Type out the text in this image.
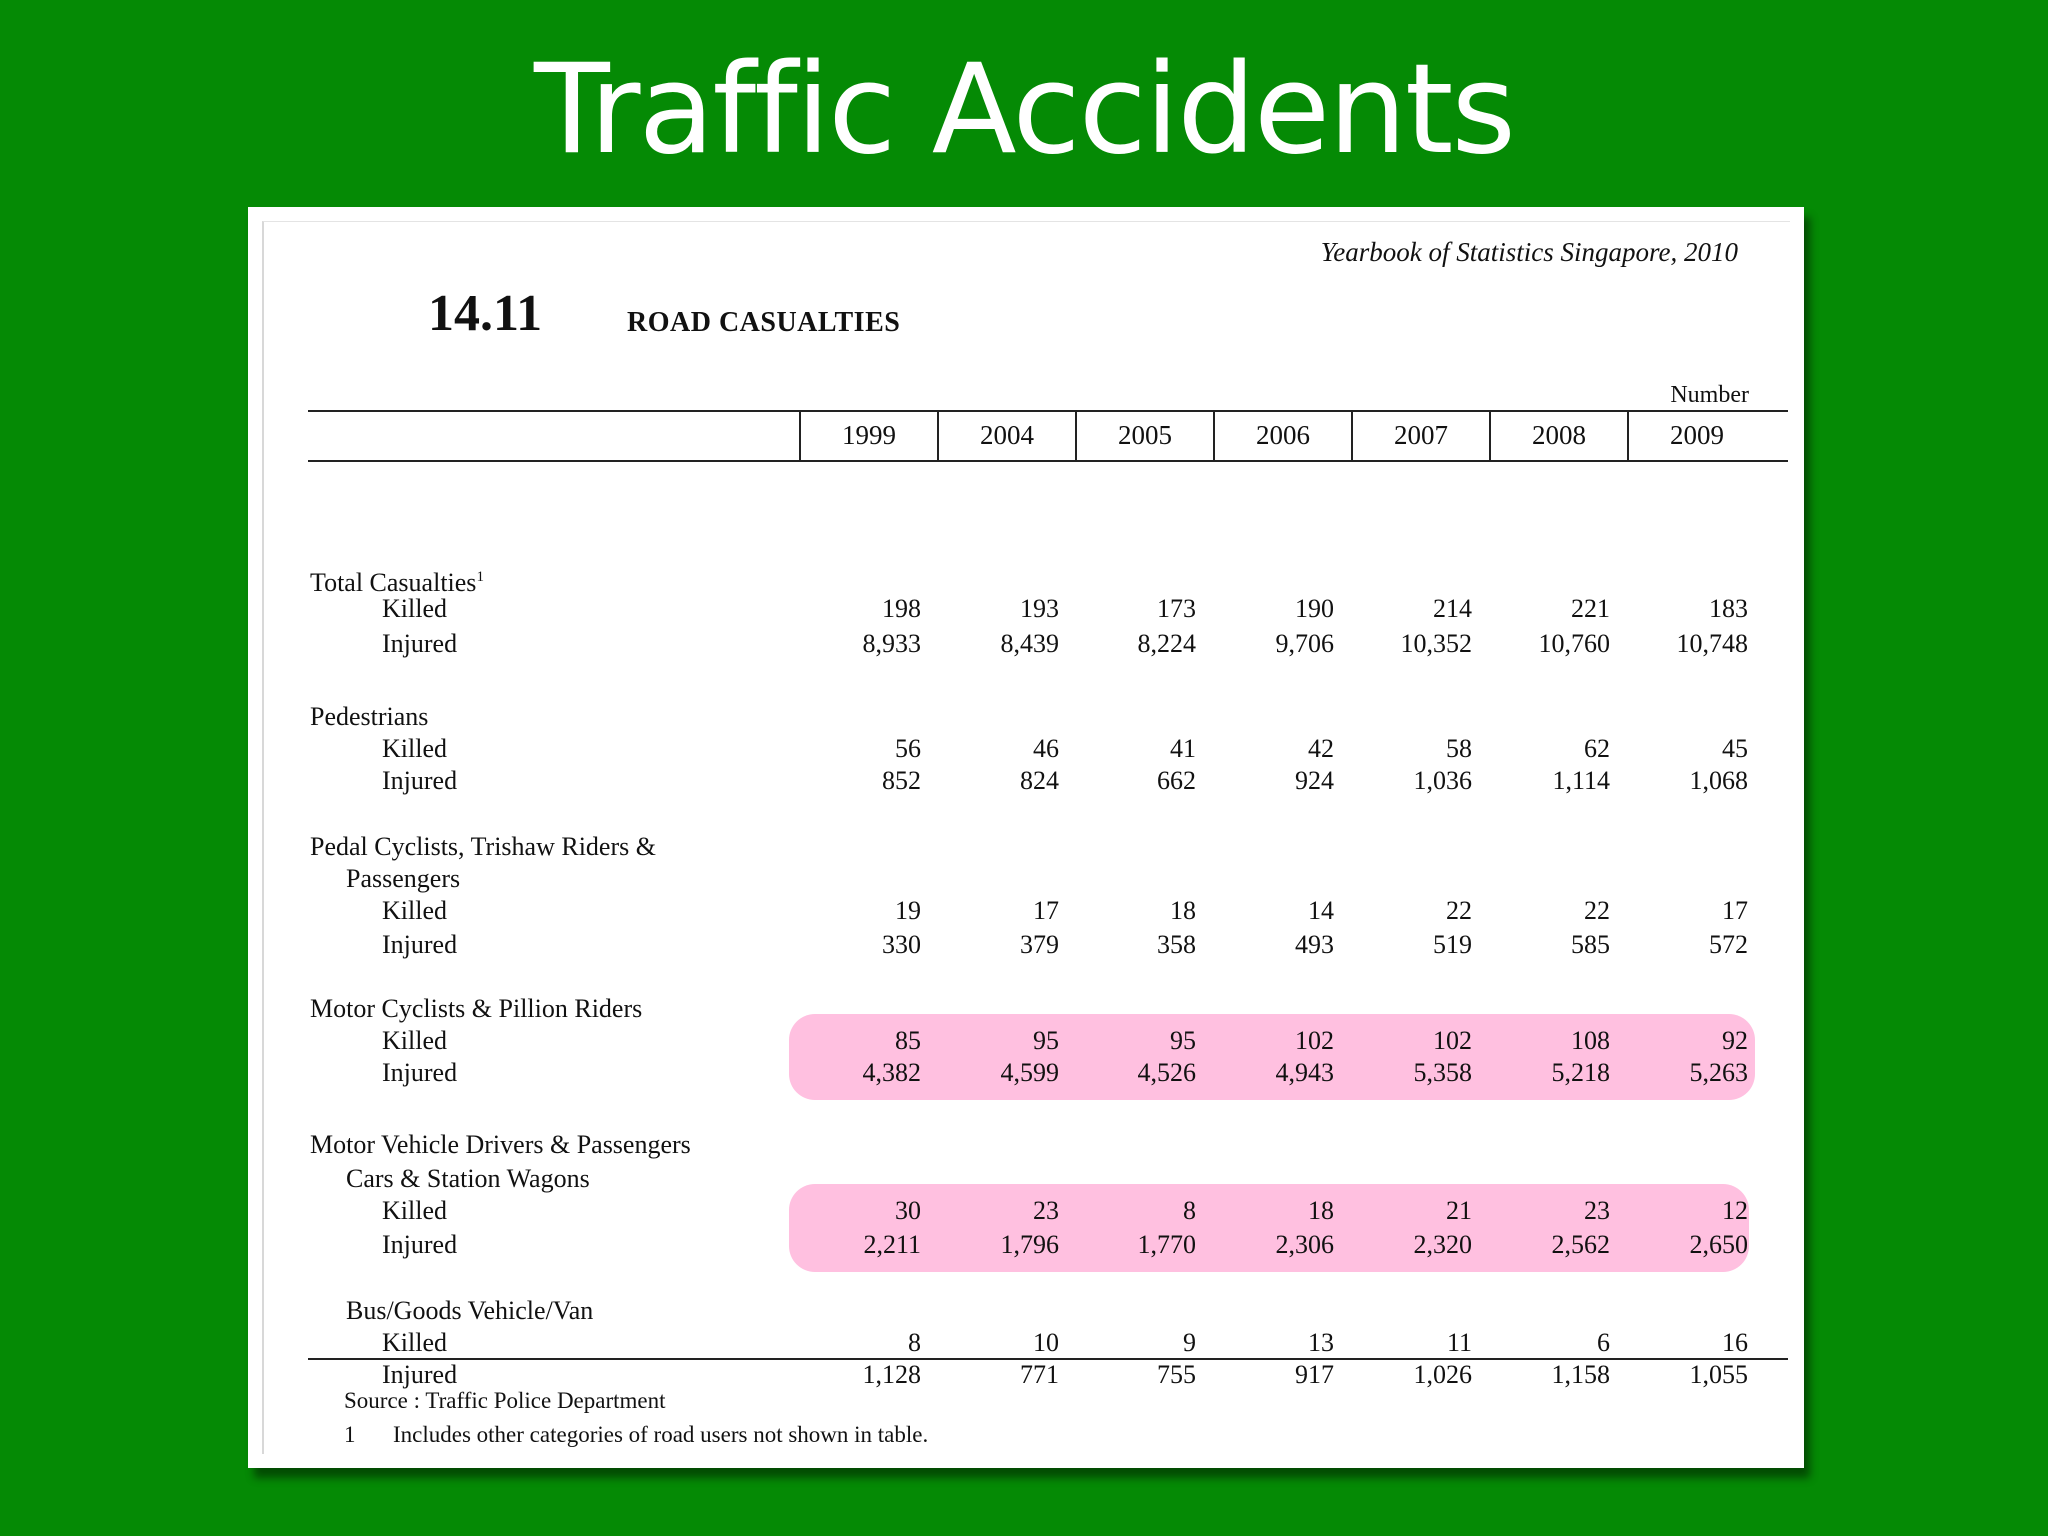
Traffic Accidents
Yearbook of Statistics Singapore, 2010
14.11	ROAD CASUALTIES
Number
1999	2004	2005	2006	2007	2008	2009
Total Casualties$^1$
Killed	198	193	173	190	214	221	183
Injured	8,933	8,439	8,224	9,706	10,352	10,760	10,748
Pedestrians
Killed	56	46	41	42	58	62	45
Injured	852	824	662	924	1,036	1,114	1,068
Pedal Cyclists, Trishaw Riders &
Passengers
Killed	19	17	18	14	22	22	17
Injured	330	379	358	493	519	585	572
Motor Cyclists & Pillion Riders
Killed	85	95	95	102	102	108	92
Injured	4,382	4,599	4,526	4,943	5,358	5,218	5,263
Motor Vehicle Drivers & Passengers
Cars & Station Wagons
Killed	30	23	8	18	21	23	12
Injured	2,211	1,796	1,770	2,306	2,320	2,562	2,650
Bus/Goods Vehicle/Van
Killed	8	10	9	13	11	6	16
Injured	1,128	771	755	917	1,026	1,158	1,055
Source : Traffic Police Department
1 Includes other categories of road users not shown in table.
